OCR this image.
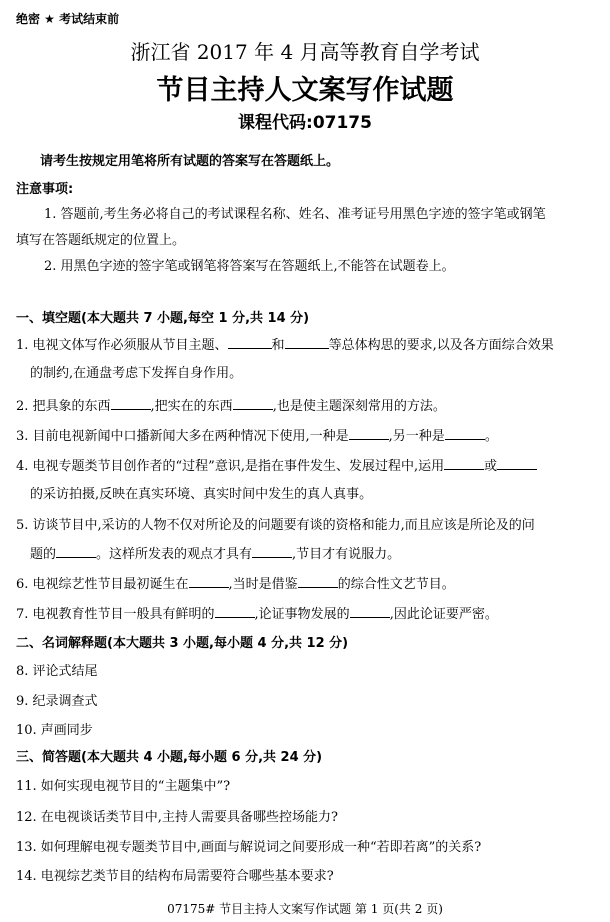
绝密 ★ 考试结束前
浙江省 2017 年 4 月高等教育自学考试
节目主持人文案写作试题
课程代码:07175
请考生按规定用笔将所有试题的答案写在答题纸上。
注意事项:
1. 答题前,考生务必将自己的考试课程名称、姓名、准考证号用黑色字迹的签字笔或钢笔
填写在答题纸规定的位置上。
2. 用黑色字迹的签字笔或钢笔将答案写在答题纸上,不能答在试题卷上。
一、填空题(本大题共 7 小题,每空 1 分,共 14 分)
1. 电视文体写作必须服从节目主题、	和	等总体构思的要求,以及各方面综合效果
的制约,在通盘考虑下发挥自身作用。
2. 把具象的东西	,把实在的东西	,也是使主题深刻常用的方法。
3. 目前电视新闻中口播新闻大多在两种情况下使用,一种是	,另一种是	。
4. 电视专题类节目创作者的“过程”意识,是指在事件发生、发展过程中,运用	或
的采访拍摄,反映在真实环境、真实时间中发生的真人真事。
5. 访谈节目中,采访的人物不仅对所论及的问题要有谈的资格和能力,而且应该是所论及的问
题的	。这样所发表的观点才具有	,节目才有说服力。
6. 电视综艺性节目最初诞生在	,当时是借鉴	的综合性文艺节目。
7. 电视教育性节目一般具有鲜明的	,论证事物发展的	,因此论证要严密。
二、名词解释题(本大题共 3 小题,每小题 4 分,共 12 分)
8. 评论式结尾
9. 纪录调查式
10. 声画同步
三、简答题(本大题共 4 小题,每小题 6 分,共 24 分)
11. 如何实现电视节目的“主题集中”?
12. 在电视谈话类节目中,主持人需要具备哪些控场能力?
13. 如何理解电视专题类节目中,画面与解说词之间要形成一种“若即若离”的关系?
14. 电视综艺类节目的结构布局需要符合哪些基本要求?
07175# 节目主持人文案写作试题 第 1 页(共 2 页)
